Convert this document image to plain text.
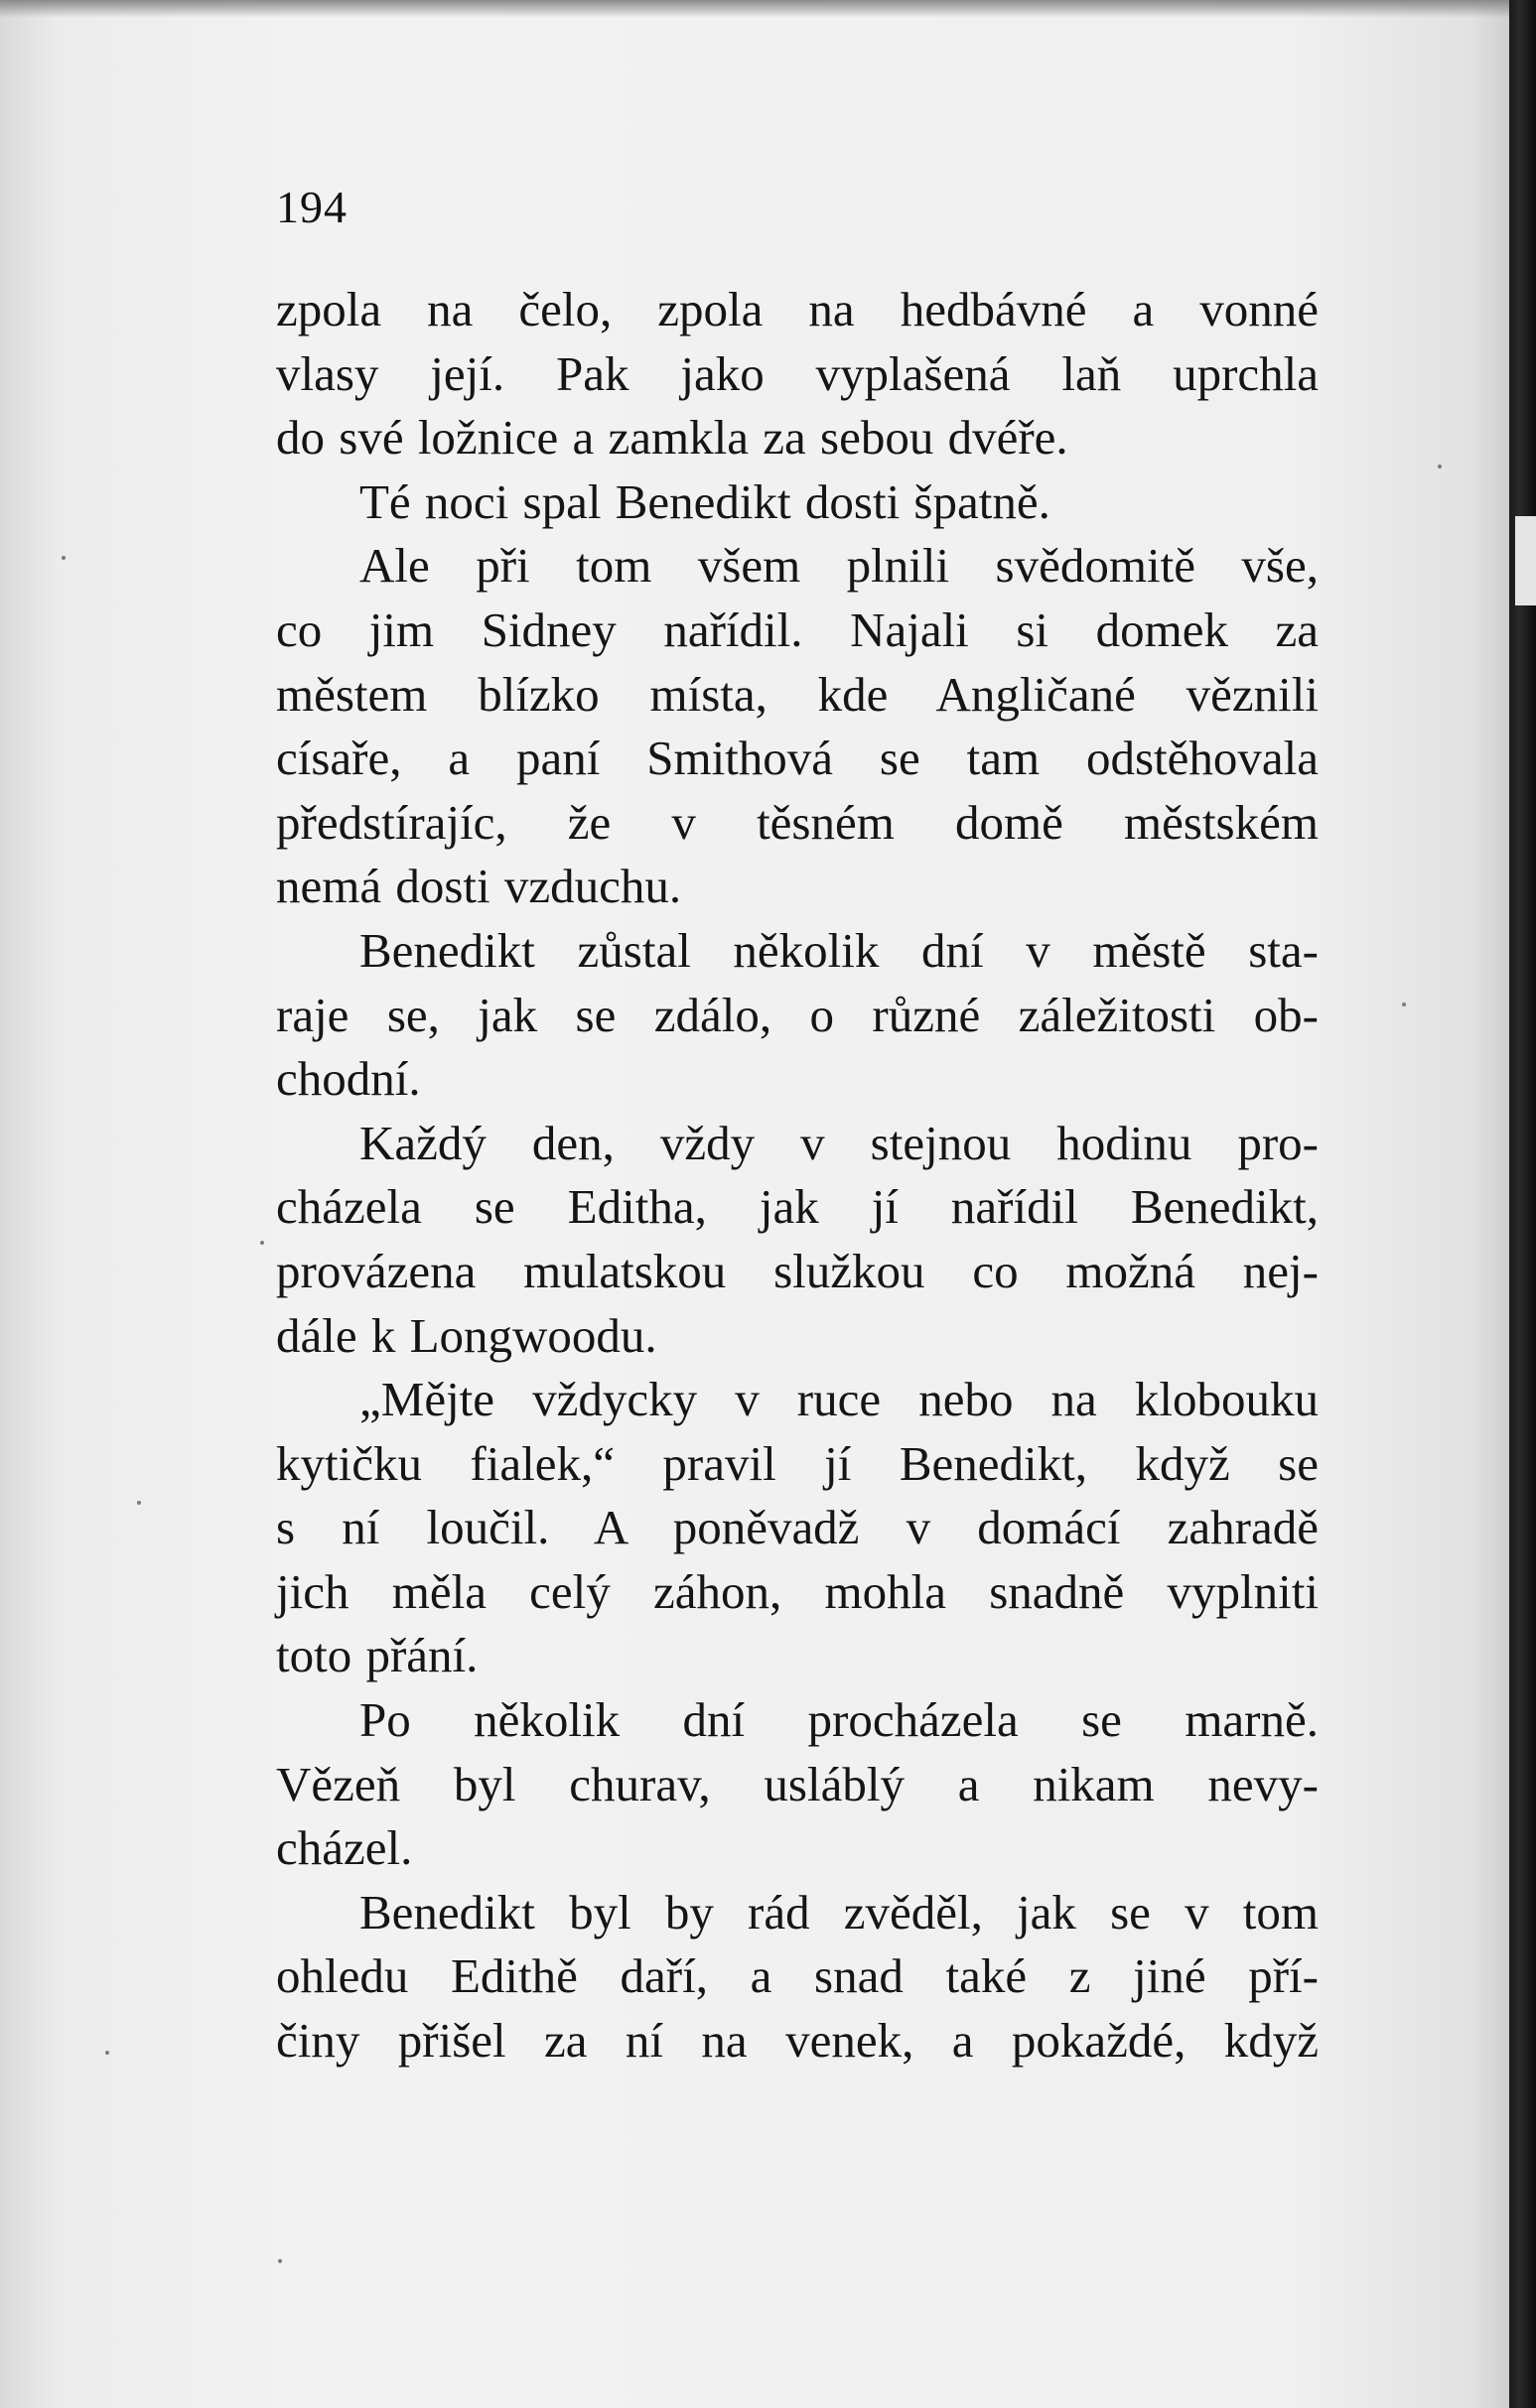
194
zpola na čelo, zpola na hedbávné a vonné
vlasy její. Pak jako vyplašená laň uprchla
do své ložnice a zamkla za sebou dvéře.
Té noci spal Benedikt dosti špatně.
Ale při tom všem plnili svědomitě vše,
co jim Sidney nařídil. Najali si domek za
městem blízko místa, kde Angličané věznili
císaře, a paní Smithová se tam odstěhovala
předstírajíc, že v těsném domě městském
nemá dosti vzduchu.
Benedikt zůstal několik dní v městě sta-
raje se, jak se zdálo, o různé záležitosti ob-
chodní.
Každý den, vždy v stejnou hodinu pro-
cházela se Editha, jak jí nařídil Benedikt,
provázena mulatskou služkou co možná nej-
dále k Longwoodu.
„Mějte vždycky v ruce nebo na klobouku
kytičku fialek,“ pravil jí Benedikt, když se
s ní loučil. A poněvadž v domácí zahradě
jich měla celý záhon, mohla snadně vyplniti
toto přání.
Po několik dní procházela se marně.
Vězeň byl churav, usláblý a nikam nevy-
cházel.
Benedikt byl by rád zvěděl, jak se v tom
ohledu Edithě daří, a snad také z jiné pří-
činy přišel za ní na venek, a pokaždé, když
